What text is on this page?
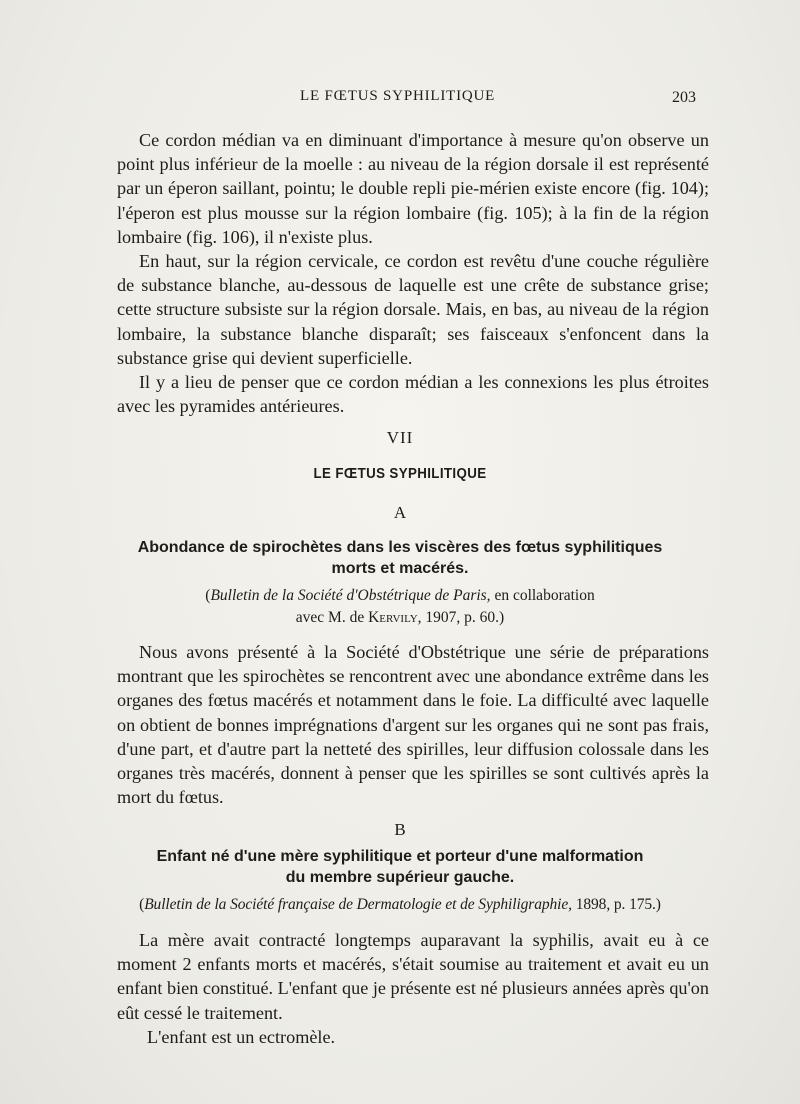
LE FŒTUS SYPHILITIQUE	203

Ce cordon médian va en diminuant d'importance à mesure qu'on observe un point plus inférieur de la moelle : au niveau de la région dorsale il est représenté par un éperon saillant, pointu; le double repli pie-mérien existe encore (fig. 104); l'éperon est plus mousse sur la région lombaire (fig. 105); à la fin de la région lombaire (fig. 106), il n'existe plus.

En haut, sur la région cervicale, ce cordon est revêtu d'une couche régulière de substance blanche, au-dessous de laquelle est une crête de substance grise; cette structure subsiste sur la région dorsale. Mais, en bas, au niveau de la région lombaire, la substance blanche disparaît; ses faisceaux s'enfoncent dans la substance grise qui devient superficielle.

Il y a lieu de penser que ce cordon médian a les connexions les plus étroites avec les pyramides antérieures.

VII
LE FŒTUS SYPHILITIQUE
A
Abondance de spirochètes dans les viscères des fœtus syphilitiques
morts et macérés.
(Bulletin de la Société d'Obstétrique de Paris, en collaboration
avec M. de Kervily, 1907, p. 60.)

Nous avons présenté à la Société d'Obstétrique une série de préparations montrant que les spirochètes se rencontrent avec une abondance extrême dans les organes des fœtus macérés et notamment dans le foie. La difficulté avec laquelle on obtient de bonnes imprégnations d'argent sur les organes qui ne sont pas frais, d'une part, et d'autre part la netteté des spirilles, leur diffusion colossale dans les organes très macérés, donnent à penser que les spirilles se sont cultivés après la mort du fœtus.

B
Enfant né d'une mère syphilitique et porteur d'une malformation
du membre supérieur gauche.
(Bulletin de la Société française de Dermatologie et de Syphiligraphie, 1898, p. 175.)

La mère avait contracté longtemps auparavant la syphilis, avait eu à ce moment 2 enfants morts et macérés, s'était soumise au traitement et avait eu un enfant bien constitué. L'enfant que je présente est né plusieurs années après qu'on eût cessé le traitement.

L'enfant est un ectromèle.
